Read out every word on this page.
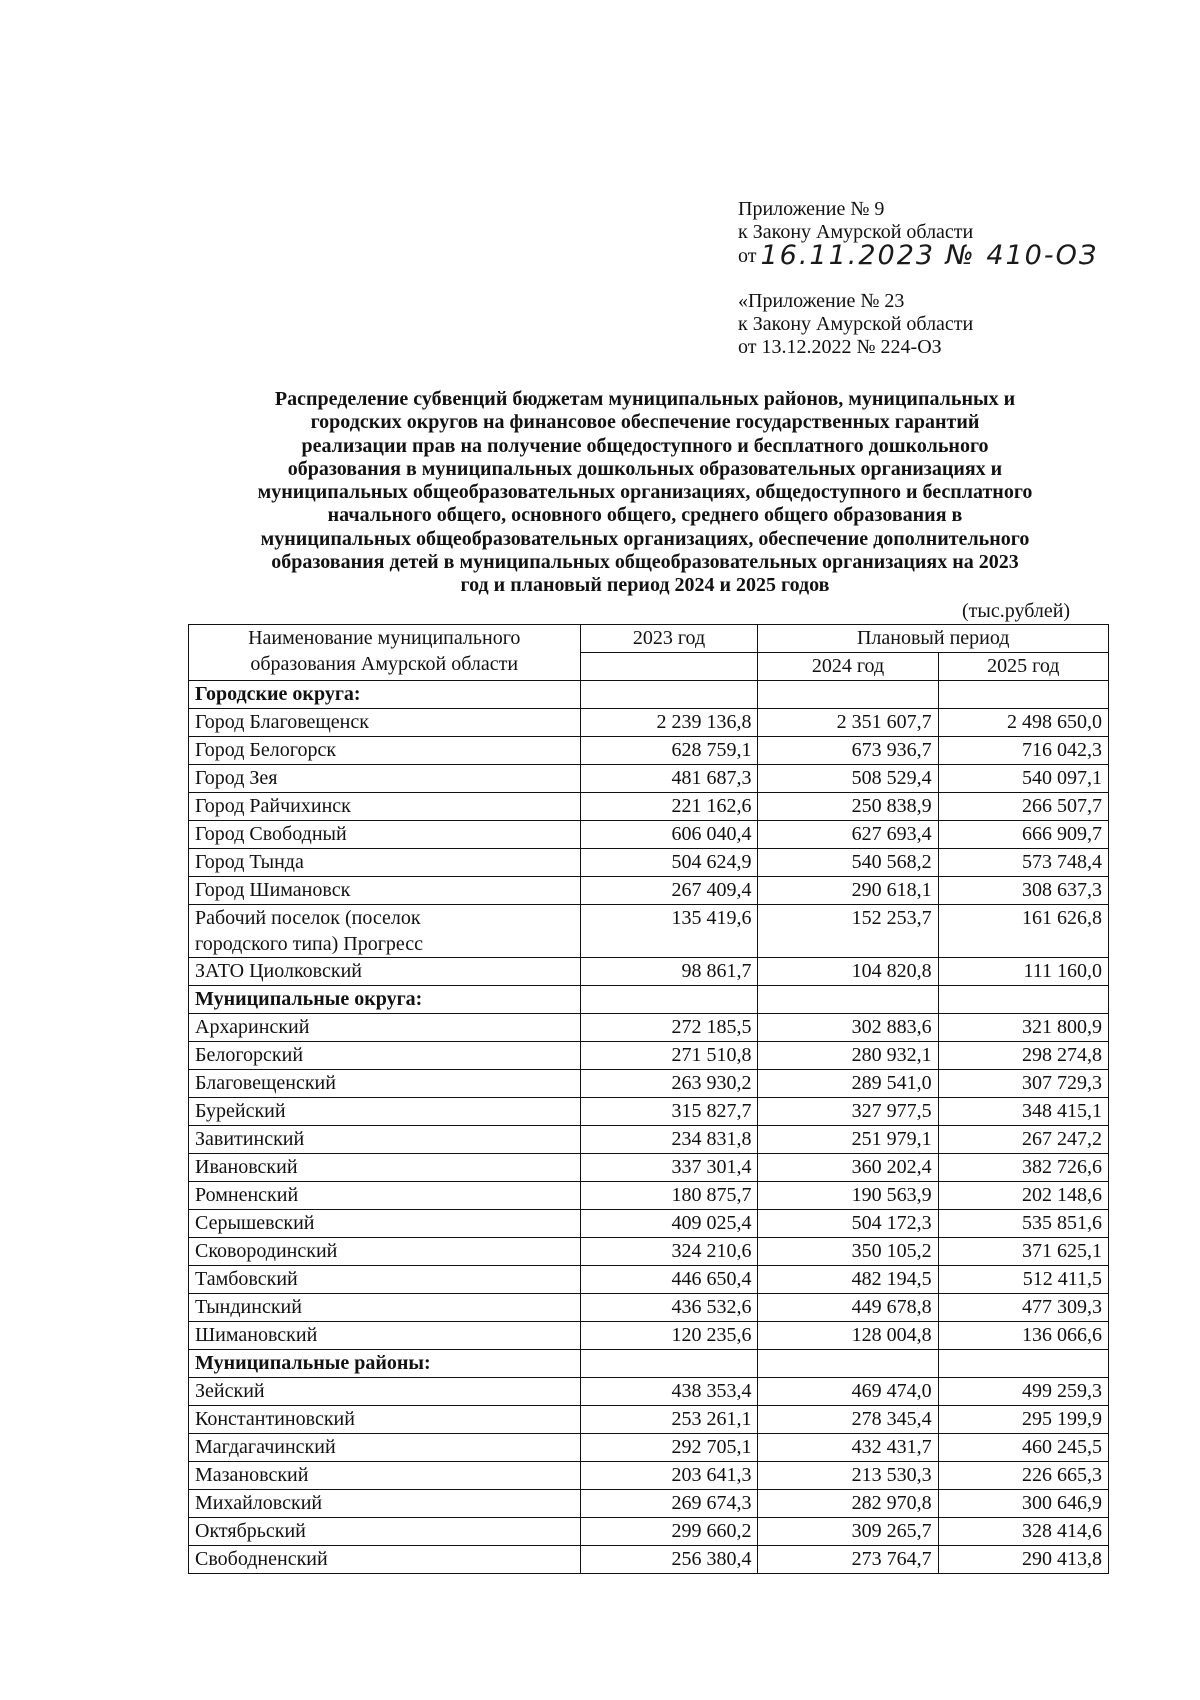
Приложение № 9
к Закону Амурской области
от 16.11.2023 № 410-ОЗ
«Приложение № 23
к Закону Амурской области
от 13.12.2022 № 224-ОЗ
Распределение субвенций бюджетам муниципальных районов, муниципальных и
городских округов на финансовое обеспечение государственных гарантий
реализации прав на получение общедоступного и бесплатного дошкольного
образования в муниципальных дошкольных образовательных организациях и
муниципальных общеобразовательных организациях, общедоступного и бесплатного
начального общего, основного общего, среднего общего образования в
муниципальных общеобразовательных организациях, обеспечение дополнительного
образования детей в муниципальных общеобразовательных организациях на 2023
год и плановый период 2024 и 2025 годов
(тыс.рублей)
Наименование муниципального
образования Амурской области	2023 год	Плановый период	
		2024 год	2025 год
Городские округа:			
Город Благовещенск	2 239 136,8	2 351 607,7	2 498 650,0
Город Белогорск	628 759,1	673 936,7	716 042,3
Город Зея	481 687,3	508 529,4	540 097,1
Город Райчихинск	221 162,6	250 838,9	266 507,7
Город Свободный	606 040,4	627 693,4	666 909,7
Город Тында	504 624,9	540 568,2	573 748,4
Город Шимановск	267 409,4	290 618,1	308 637,3

Рабочий поселок (поселок
городского типа) Прогресс	135 419,6	152 253,7	161 626,8
ЗАТО Циолковский	98 861,7	104 820,8	111 160,0
Муниципальные округа:			
Архаринский	272 185,5	302 883,6	321 800,9
Белогорский	271 510,8	280 932,1	298 274,8
Благовещенский	263 930,2	289 541,0	307 729,3
Бурейский	315 827,7	327 977,5	348 415,1
Завитинский	234 831,8	251 979,1	267 247,2
Ивановский	337 301,4	360 202,4	382 726,6
Ромненский	180 875,7	190 563,9	202 148,6
Серышевский	409 025,4	504 172,3	535 851,6
Сковородинский	324 210,6	350 105,2	371 625,1
Тамбовский	446 650,4	482 194,5	512 411,5
Тындинский	436 532,6	449 678,8	477 309,3
Шимановский	120 235,6	128 004,8	136 066,6
Муниципальные районы:			
Зейский	438 353,4	469 474,0	499 259,3
Константиновский	253 261,1	278 345,4	295 199,9
Магдагачинский	292 705,1	432 431,7	460 245,5
Мазановский	203 641,3	213 530,3	226 665,3
Михайловский	269 674,3	282 970,8	300 646,9
Октябрьский	299 660,2	309 265,7	328 414,6
Свободненский	256 380,4	273 764,7	290 413,8
